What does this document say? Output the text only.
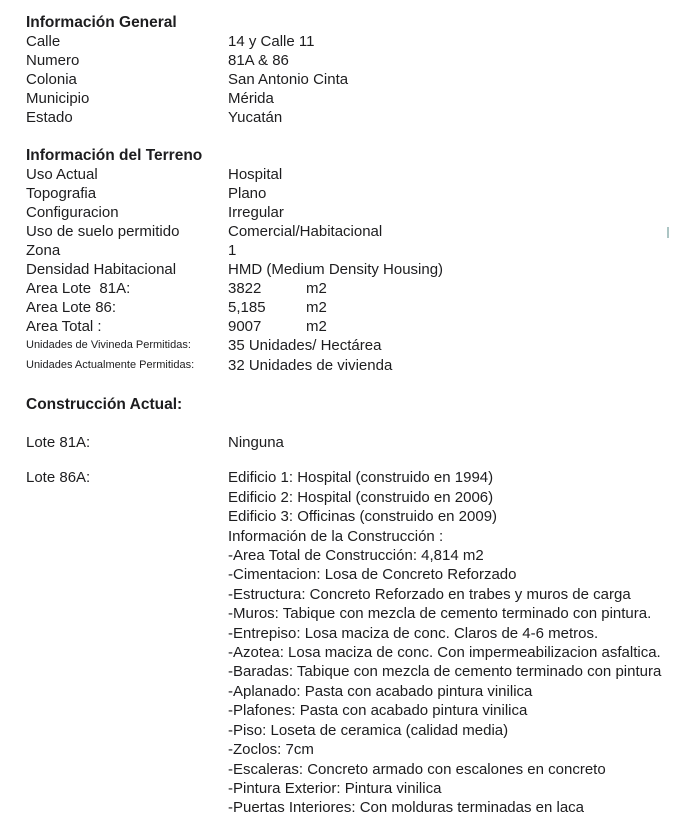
Información General
Calle	14 y Calle 11
Numero	81A & 86
Colonia	San Antonio Cinta
Municipio	Mérida
Estado	Yucatán
Información del Terreno
Uso Actual	Hospital
Topografia	Plano
Configuracion	Irregular
Uso de suelo permitido	Comercial/Habitacional
Zona	1
Densidad Habitacional	HMD (Medium Density Housing)
Area Lote  81A:	3822	m2
Area Lote 86:	5,185	m2
Area Total :	9007	m2
Unidades de Vivineda Permitidas:	35 Unidades/ Hectárea
Unidades Actualmente Permitidas:	32 Unidades de vivienda
Construcción Actual:
Lote 81A:	Ninguna
Lote 86A:	Edificio 1: Hospital (construido en 1994)
Edificio 2: Hospital (construido en 2006)
Edificio 3: Officinas (construido en 2009)
Información de la Construcción :
-Area Total de Construcción: 4,814 m2
-Cimentacion: Losa de Concreto Reforzado
-Estructura: Concreto Reforzado en trabes y muros de carga
-Muros: Tabique con mezcla de cemento terminado con pintura.
-Entrepiso: Losa maciza de conc. Claros de 4-6 metros.
-Azotea: Losa maciza de conc. Con impermeabilizacion asfaltica.
-Baradas: Tabique con mezcla de cemento terminado con pintura
-Aplanado: Pasta con acabado pintura vinilica
-Plafones: Pasta con acabado pintura vinilica
-Piso: Loseta de ceramica (calidad media)
-Zoclos: 7cm
-Escaleras: Concreto armado con escalones en concreto
-Pintura Exterior: Pintura vinilica
-Puertas Interiores: Con molduras terminadas en laca
